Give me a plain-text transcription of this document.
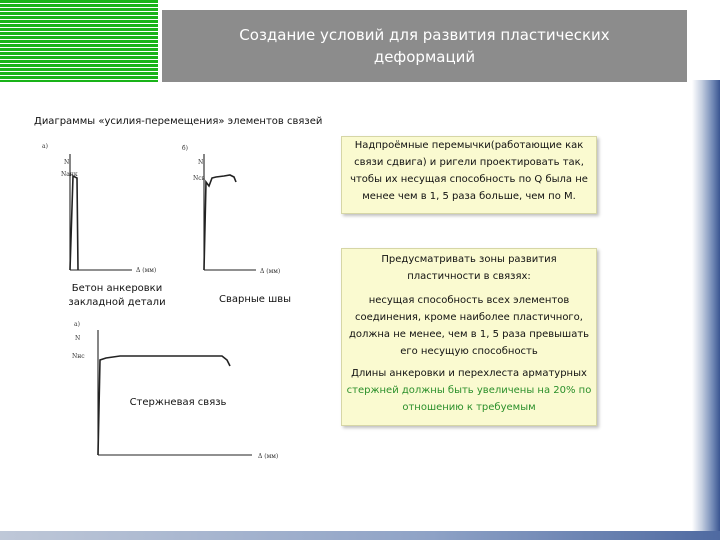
Создание условий для развития пластических
деформаций
Диаграммы «усилия-перемещения» элементов связей
а)
N
Nанк
Δ (мм)
Бетон анкеровки
закладной детали
б)
N
Nсв
Δ (мм)
Сварные швы
а)
N
Nнс
Δ (мм)
Стержневая связь
Надпроёмные перемычки(работающие как
связи сдвига) и ригели проектировать так,
чтобы их несущая способность по Q была не
менее чем в 1, 5 раза больше, чем по М.
Предусматривать зоны развития
пластичности в связях:
несущая способность всех элементов
соединения, кроме наиболее пластичного,
должна не менее, чем в 1, 5 раза превышать
его несущую способность
Длины анкеровки и перехлеста арматурных
стержней должны быть увеличены на 20% по
отношению к требуемым
